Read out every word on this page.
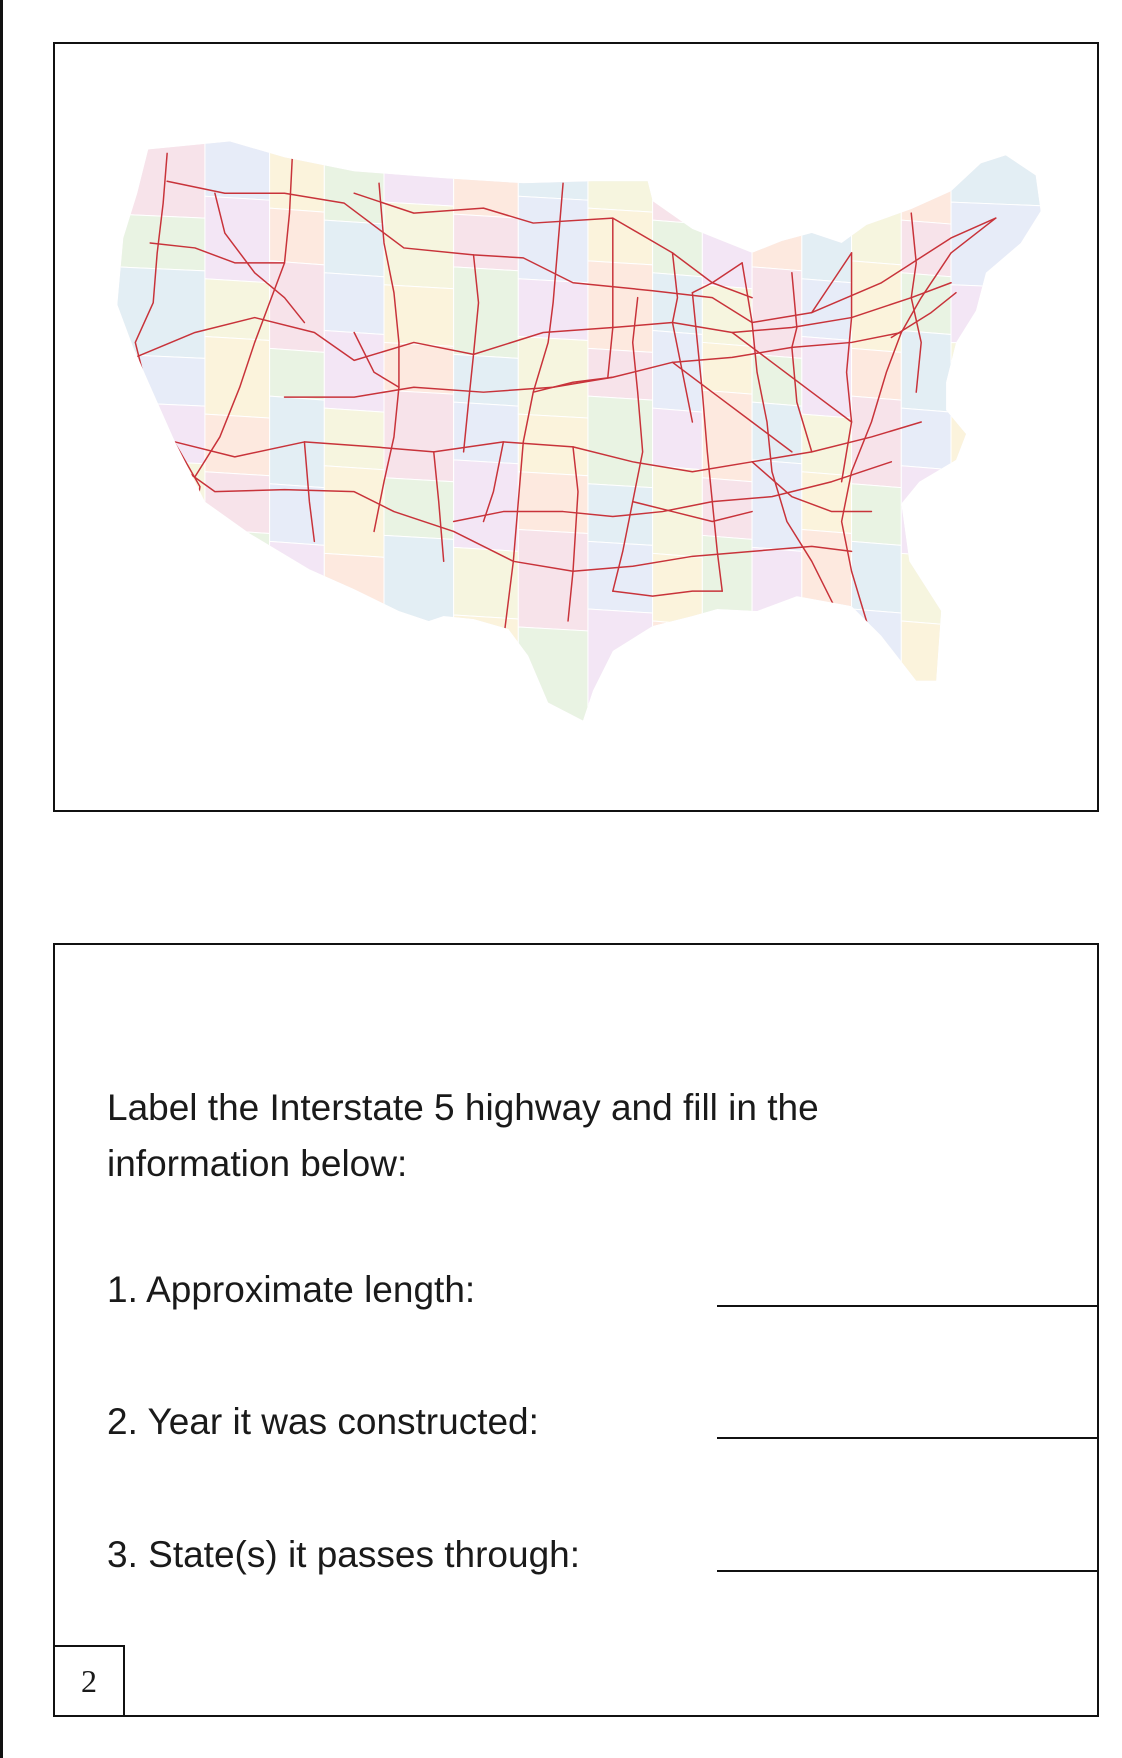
Label the Interstate 5 highway and fill in the information below:

1. Approximate length:
2. Year it was constructed:
3. State(s) it passes through:
2
